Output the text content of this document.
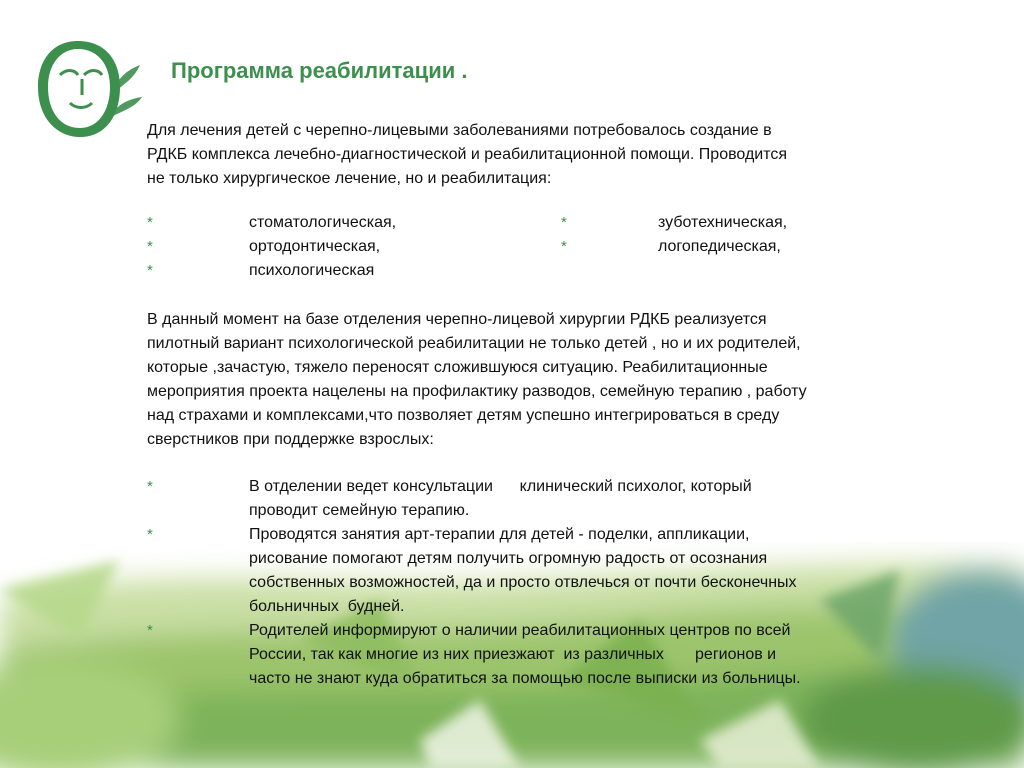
Программа реабилитации .
Для лечения детей с черепно-лицевыми заболеваниями потребовалось создание в
РДКБ комплекса лечебно-диагностической и реабилитационной помощи. Проводится
не только хирургическое лечение, но и реабилитация:
*	стоматологическая,
*	ортодонтическая,
*	психологическая
*	зуботехническая,
*	логопедическая,
В данный момент на базе отделения черепно-лицевой хирургии РДКБ реализуется
пилотный вариант психологической реабилитации не только детей , но и их родителей,
которые ,зачастую, тяжело переносят сложившуюся ситуацию. Реабилитационные
мероприятия проекта нацелены на профилактику разводов, семейную терапию , работу
над страхами и комплексами,что позволяет детям успешно интегрироваться в среду
сверстников при поддержке взрослых:
*	В отделении ведет консультации      клинический психолог, который
проводит семейную терапию.
*	Проводятся занятия арт-терапии для детей - поделки, аппликации,
рисование помогают детям получить огромную радость от осознания
собственных возможностей, да и просто отвлечься от почти бесконечных
больничных  будней.
*	Родителей информируют о наличии реабилитационных центров по всей
России, так как многие из них приезжают  из различных       регионов и
часто не знают куда обратиться за помощью после выписки из больницы.
